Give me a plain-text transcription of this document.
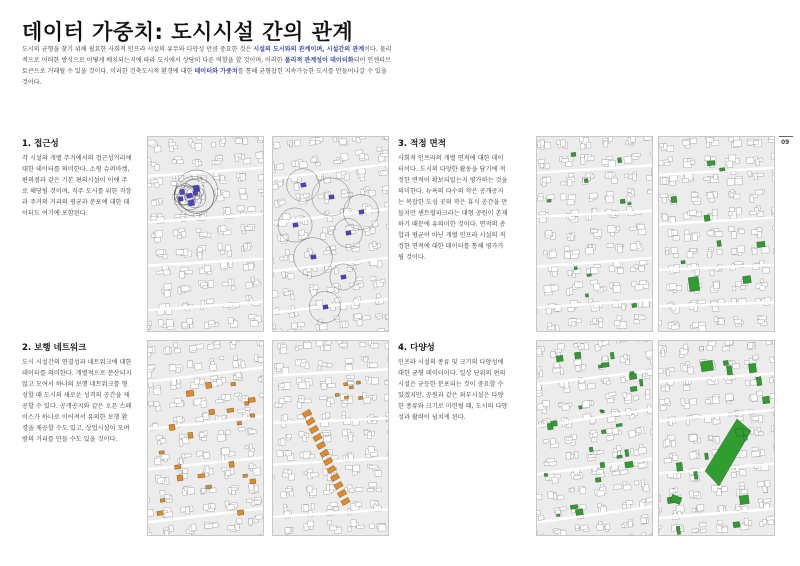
데이터 가중치: 도시시설 간의 관계
도시의 균형을 찾기 위해 필요한 사회적 인프라 시설의 유무와 다양성 만큼 중요한 것은 시설의 도시와의 관계이며, 시설간의 관계이다. 물리적으로 어떠한 방식으로 어떻게 배치되는지에 따라 도시에서 상당히 다른 역할을 할 것이며, 이러한 물리적 관계성이 데이터화되어 인센티브 토큰으로 거래될 수 있을 것이다. 이러한 건축도시적 환경에 대한 데이터와 가중치를 통해 균형잡힌 지속가능한 도시를 만들어나갈 수 있을 것이다.
09
1. 접근성
각 시설의 개별 주거에서의 접근성거리에 대한 데이터를 의미한다. 소형 슈퍼마켓, 편의점과 같은 기본 편의시설이 이에 주로 해당될 것이며, 직주 도시를 위한 직장과 주거의 거리의 평균과 분포에 대한 데이터도 여기에 포함된다.
3. 적정 면적
사회적 인프라의 개별 면적에 대한 데이터이다. 도시의 다양한 활동을 담기에 적정한 면적이 확보되었는지 평가하는 것을 의미한다. 뉴욕의 다수의 작은 공개공지는 복잡한 도심 곳의 작은 휴식 공간을 만들지만 센트럴파크라는 대형 공원이 존재하기 때문에 유의미한 것이다. 면적의 총합과 평균이 아닌 개별 인프라 시설의 적정한 면적에 대한 데이터를 통해 평가가 될 것이다.
2. 보행 네트워크
도시 시설간의 연결성과 네트워크에 대한 데이터를 의미한다. 개별적으로 분산되지 않고 모여서 하나의 보행 네트워크를 형성할 때 도시의 새로운 성격의 공간을 제공할 수 있다. 공개공지와 같은 오픈 스페이스가 하나로 이어져서 유의한 보행 환경을 제공할 수도 있고, 상업시설이 모여 밤의 거리를 만들 수도 있을 것이다.
4. 다양성
인프라 시설의 종류 및 크기의 다양성에 대한 균형 데이터이다. 일상 단위의 편의시설은 균등한 분포되는 것이 중요할 수 있겠지만, 공원과 같은 외부시설은 다양한 종류와 크기로 마련될 때, 도시의 다양성과 활력이 넘치게 된다.
